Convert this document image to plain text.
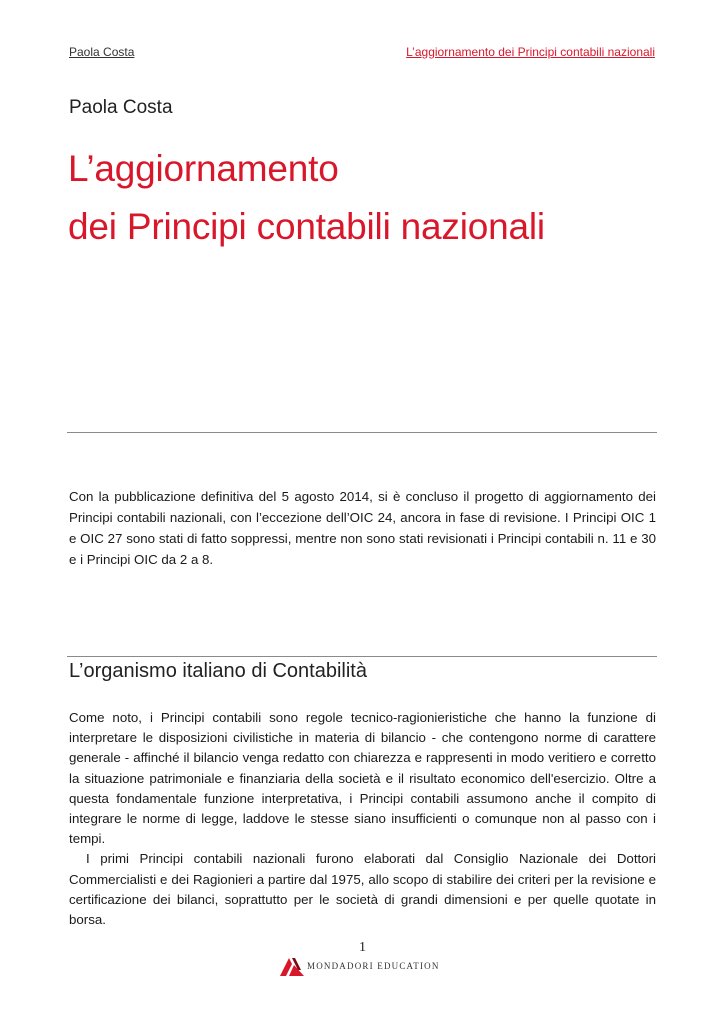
Paola Costa	L’aggiornamento dei Principi contabili nazionali
Paola Costa
L’aggiornamento
dei Principi contabili nazionali

Con la pubblicazione definitiva del 5 agosto 2014, si è concluso il progetto di aggiornamento dei Principi contabili nazionali, con l’eccezione dell’OIC 24, ancora in fase di revisione. I Principi OIC 1 e OIC 27 sono stati di fatto soppressi, mentre non sono stati revisionati i Principi contabili n. 11 e 30 e i Principi OIC da 2 a 8.

L’organismo italiano di Contabilità

Come noto, i Principi contabili sono regole tecnico-ragionieristiche che hanno la funzione di interpretare le disposizioni civilistiche in materia di bilancio - che contengono norme di carattere generale - affinché il bilancio venga redatto con chiarezza e rappresenti in modo veritiero e corretto la situazione patrimoniale e finanziaria della società e il risultato economico dell'esercizio. Oltre a questa fondamentale funzione interpretativa, i Principi contabili assumono anche il compito di integrare le norme di legge, laddove le stesse siano insufficienti o comunque non al passo con i tempi.

I primi Principi contabili nazionali furono elaborati dal Consiglio Nazionale dei Dottori Commercialisti e dei Ragionieri a partire dal 1975, allo scopo di stabilire dei criteri per la revisione e certificazione dei bilanci, soprattutto per le società di grandi dimensioni e per quelle quotate in borsa.

1
MONDADORI EDUCATION
